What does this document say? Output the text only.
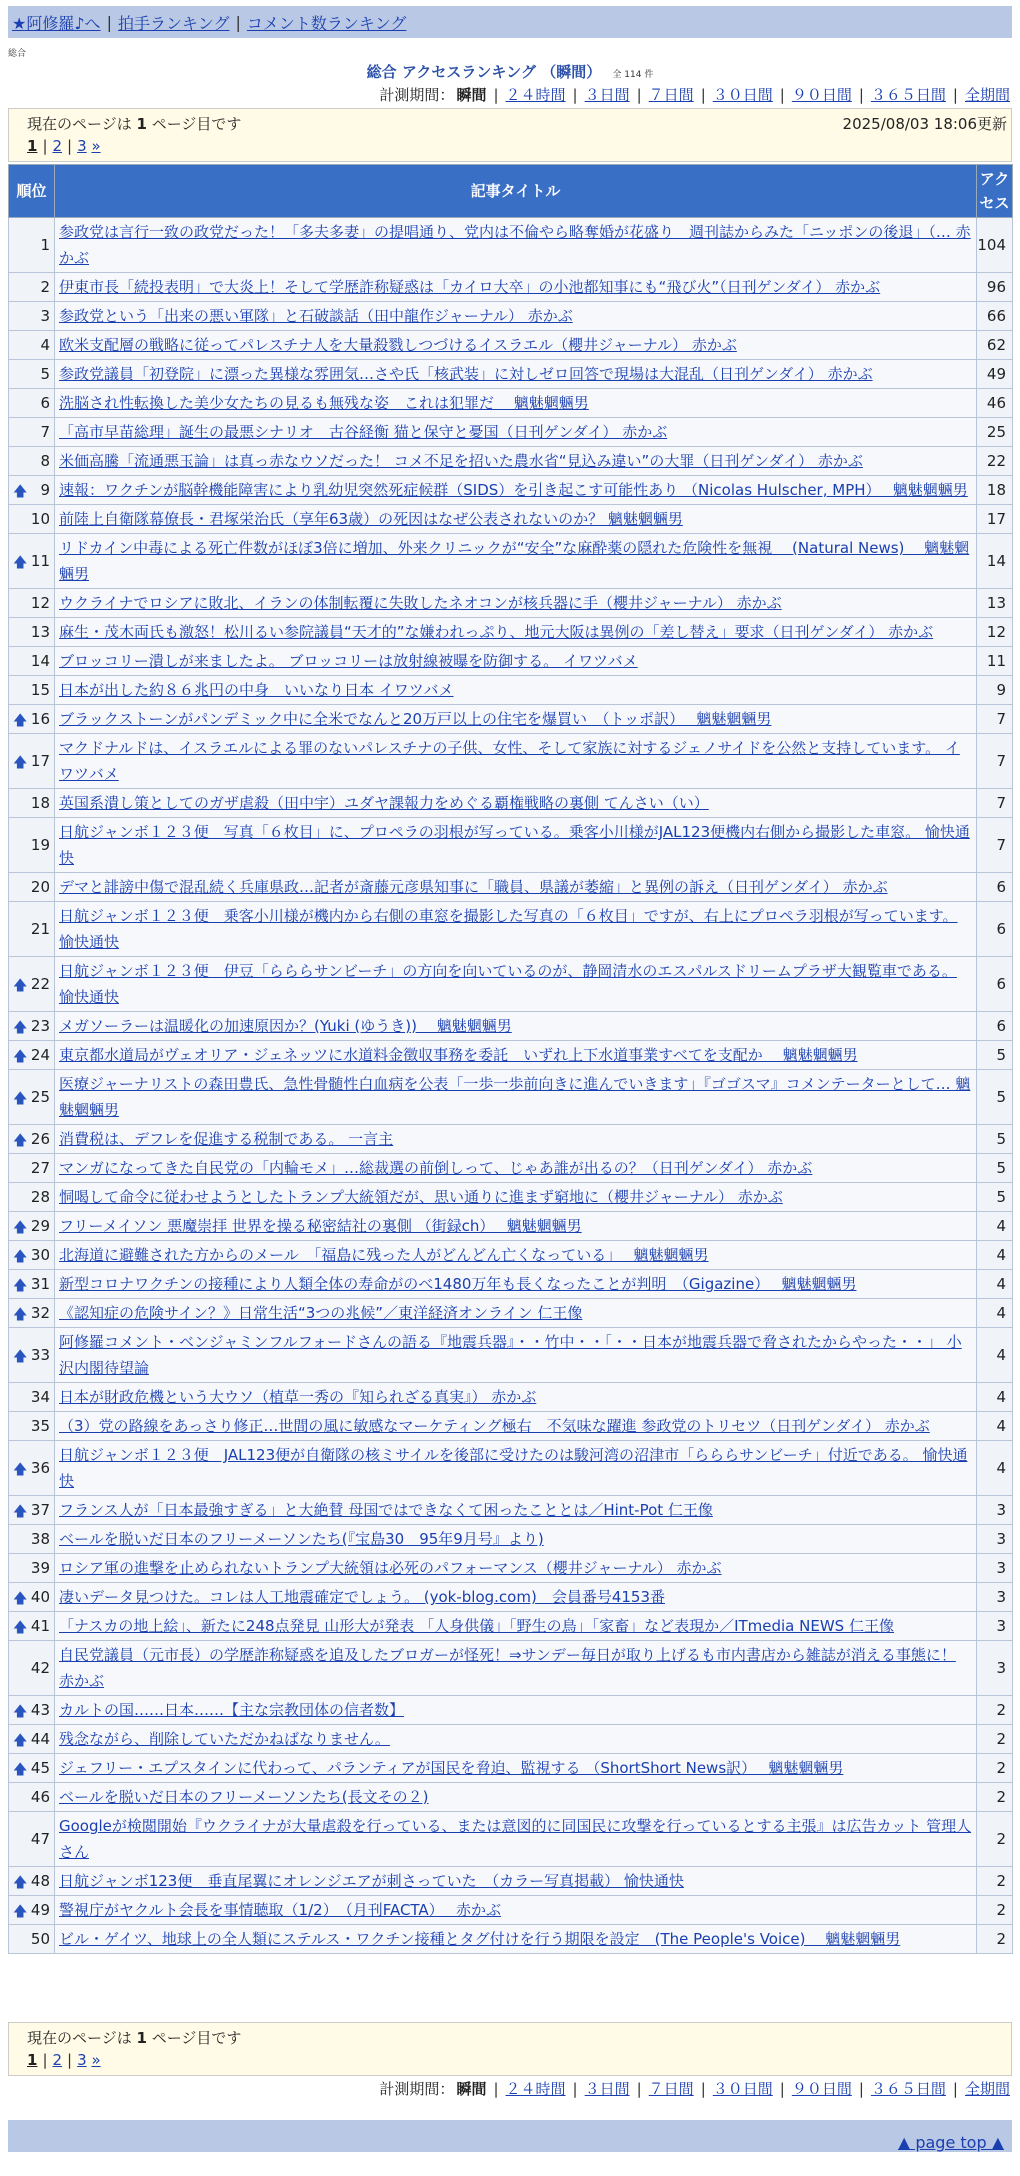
★阿修羅♪へ | 拍手ランキング | コメント数ランキング
総合
総合 アクセスランキング （瞬間） 全 114 件
計測期間： 瞬間 | ２４時間 | ３日間 | ７日間 | ３０日間 | ９０日間 | ３６５日間 | 全期間
現在のページは 1 ページ目です	2025/08/03 18:06更新
1 | 2 | 3 »
順位	記事タイトル	アクセス
1	参政党は言行一致の政党だった！「多夫多妻」の提唱通り、党内は不倫やら略奪婚が花盛り　週刊誌からみた「ニッポンの後退」（… 赤かぶ	104
2	伊東市長「続投表明」で大炎上！そして学歴詐称疑惑は「カイロ大卒」の小池都知事にも“飛び火”（日刊ゲンダイ） 赤かぶ	96
3	参政党という「出来の悪い軍隊」と石破談話（田中龍作ジャーナル） 赤かぶ	66
4	欧米支配層の戦略に従ってパレスチナ人を大量殺戮しつづけるイスラエル（櫻井ジャーナル） 赤かぶ	62
5	参政党議員「初登院」に漂った異様な雰囲気…さや氏「核武装」に対しゼロ回答で現場は大混乱（日刊ゲンダイ） 赤かぶ	49
6	洗脳され性転換した美少女たちの見るも無残な姿　これは犯罪だ　 魑魅魍魎男	46
7	「高市早苗総理」誕生の最悪シナリオ　古谷経衡 猫と保守と憂国（日刊ゲンダイ） 赤かぶ	25
8	米価高騰「流通悪玉論」は真っ赤なウソだった！ コメ不足を招いた農水省“見込み違い”の大罪（日刊ゲンダイ） 赤かぶ	22

🡅 9	速報：ワクチンが脳幹機能障害により乳幼児突然死症候群（SIDS）を引き起こす可能性あり （Nicolas Hulscher, MPH）　 魑魅魍魎男	18
10	前陸上自衛隊幕僚長・君塚栄治氏（享年63歳）の死因はなぜ公表されないのか？ 魑魅魍魎男	17

🡅 11	リドカイン中毒による死亡件数がほぼ3倍に増加、外来クリニックが“安全”な麻酔薬の隠れた危険性を無視　 (Natural News)　 魑魅魍魎男	14
12	ウクライナでロシアに敗北、イランの体制転覆に失敗したネオコンが核兵器に手（櫻井ジャーナル） 赤かぶ	13
13	麻生・茂木両氏も激怒！松川るい参院議員“天才的”な嫌われっぷり、地元大阪は異例の「差し替え」要求（日刊ゲンダイ） 赤かぶ	12
14	ブロッコリー潰しが来ましたよ。 ブロッコリーは放射線被曝を防御する。 イワツバメ	11
15	日本が出した約８６兆円の中身　いいなり日本 イワツバメ	9

🡅 16	ブラックストーンがパンデミック中に全米でなんと20万戸以上の住宅を爆買い　（トッポ訳）　 魑魅魍魎男	7

🡅 17	マクドナルドは、イスラエルによる罪のないパレスチナの子供、女性、そして家族に対するジェノサイドを公然と支持しています。 イワツバメ	7
18	英国系潰し策としてのガザ虐殺（田中宇）ユダヤ課報力をめぐる覇権戦略の裏側 てんさい（い）	7
19	日航ジャンボ１２３便　写真「６枚目」に、プロペラの羽根が写っている。乗客小川様がJAL123便機内右側から撮影した車窓。 愉快通快	7
20	デマと誹謗中傷で混乱続く兵庫県政…記者が斎藤元彦県知事に「職員、県議が萎縮」と異例の訴え（日刊ゲンダイ） 赤かぶ	6
21	日航ジャンボ１２３便　乗客小川様が機内から右側の車窓を撮影した写真の「６枚目」ですが、右上にプロペラ羽根が写っています。 愉快通快	6

🡅 22	日航ジャンボ１２３便　伊豆「らららサンビーチ」の方向を向いているのが、静岡清水のエスパルスドリームプラザ大観覧車である。 愉快通快	6

🡅 23	メガソーラーは温暖化の加速原因か？(Yuki (ゆうき))　 魑魅魍魎男	6

🡅 24	東京都水道局がヴェオリア・ジェネッツに水道料金徴収事務を委託　いずれ上下水道事業すべてを支配か　 魑魅魍魎男	5

🡅 25	医療ジャーナリストの森田豊氏、急性骨髄性白血病を公表「一歩一歩前向きに進んでいきます」『ゴゴスマ』コメンテーターとして… 魑魅魍魎男	5

🡅 26	消費税は、デフレを促進する税制である。 一言主	5
27	マンガになってきた自民党の「内輪モメ」…総裁選の前倒しって、じゃあ誰が出るの？（日刊ゲンダイ） 赤かぶ	5
28	恫喝して命令に従わせようとしたトランプ大統領だが、思い通りに進まず窮地に（櫻井ジャーナル） 赤かぶ	5

🡅 29	フリーメイソン 悪魔崇拝 世界を操る秘密結社の裏側 （街録ch）　 魑魅魍魎男	4

🡅 30	北海道に避難された方からのメール　「福島に残った人がどんどん亡くなっている」　 魑魅魍魎男	4

🡅 31	新型コロナワクチンの接種により人類全体の寿命がのべ1480万年も長くなったことが判明　（Gigazine）　 魑魅魍魎男	4

🡅 32	《認知症の危険サイン？》日常生活“3つの兆候”／東洋経済オンライン 仁王像	4

🡅 33	阿修羅コメント・ベンジャミンフルフォードさんの語る『地震兵器』・・竹中・・「・・日本が地震兵器で脅されたからやった・・」 小沢内閣待望論	4
34	日本が財政危機という大ウソ（植草一秀の『知られざる真実』） 赤かぶ	4
35	（3）党の路線をあっさり修正…世間の風に敏感なマーケティング極右　不気味な躍進 参政党のトリセツ（日刊ゲンダイ） 赤かぶ	4

🡅 36	日航ジャンボ１２３便　JAL123便が自衛隊の核ミサイルを後部に受けたのは駿河湾の沼津市「らららサンビーチ」付近である。 愉快通快	4

🡅 37	フランス人が「日本最強すぎる」と大絶賛 母国ではできなくて困ったこととは／Hint-Pot 仁王像	3
38	ベールを脱いだ日本のフリーメーソンたち(『宝島30　95年9月号』より)	3
39	ロシア軍の進撃を止められないトランプ大統領は必死のパフォーマンス（櫻井ジャーナル） 赤かぶ	3

🡅 40	凄いデータ見つけた。コレは人工地震確定でしょう。 (yok-blog.com)　会員番号4153番	3

🡅 41	「ナスカの地上絵」、新たに248点発見 山形大が発表 「人身供儀」「野生の鳥」「家畜」など表現か／ITmedia NEWS 仁王像	3
42	自民党議員（元市長）の学歴詐称疑惑を追及したブロガーが怪死！⇒サンデー毎日が取り上げるも市内書店から雑誌が消える事態に！ 赤かぶ	3

🡅 43	カルトの国……日本……【主な宗教団体の信者数】	2

🡅 44	残念ながら、削除していただかねばなりません。	2

🡅 45	ジェフリー・エプスタインに代わって、パランティアが国民を脅迫、監視する （ShortShort News訳）　 魑魅魍魎男	2
46	ベールを脱いだ日本のフリーメーソンたち(長文その２)	2
47	Googleが検閲開始『ウクライナが大量虐殺を行っている、または意図的に同国民に攻撃を行っているとする主張』は広告カット 管理人さん	2

🡅 48	日航ジャンボ123便　垂直尾翼にオレンジエアが刺さっていた　（カラー写真掲載） 愉快通快	2

🡅 49	警視庁がヤクルト会長を事情聴取（1/2）　（月刊FACTA）　 赤かぶ	2
50	ビル・ゲイツ、地球上の全人類にステルス・ワクチン接種とタグ付けを行う期限を設定　(The People's Voice)　 魑魅魍魎男	2
現在のページは 1 ページ目です
1 | 2 | 3 »
計測期間： 瞬間 | ２４時間 | ３日間 | ７日間 | ３０日間 | ９０日間 | ３６５日間 | 全期間
▲ page top ▲
